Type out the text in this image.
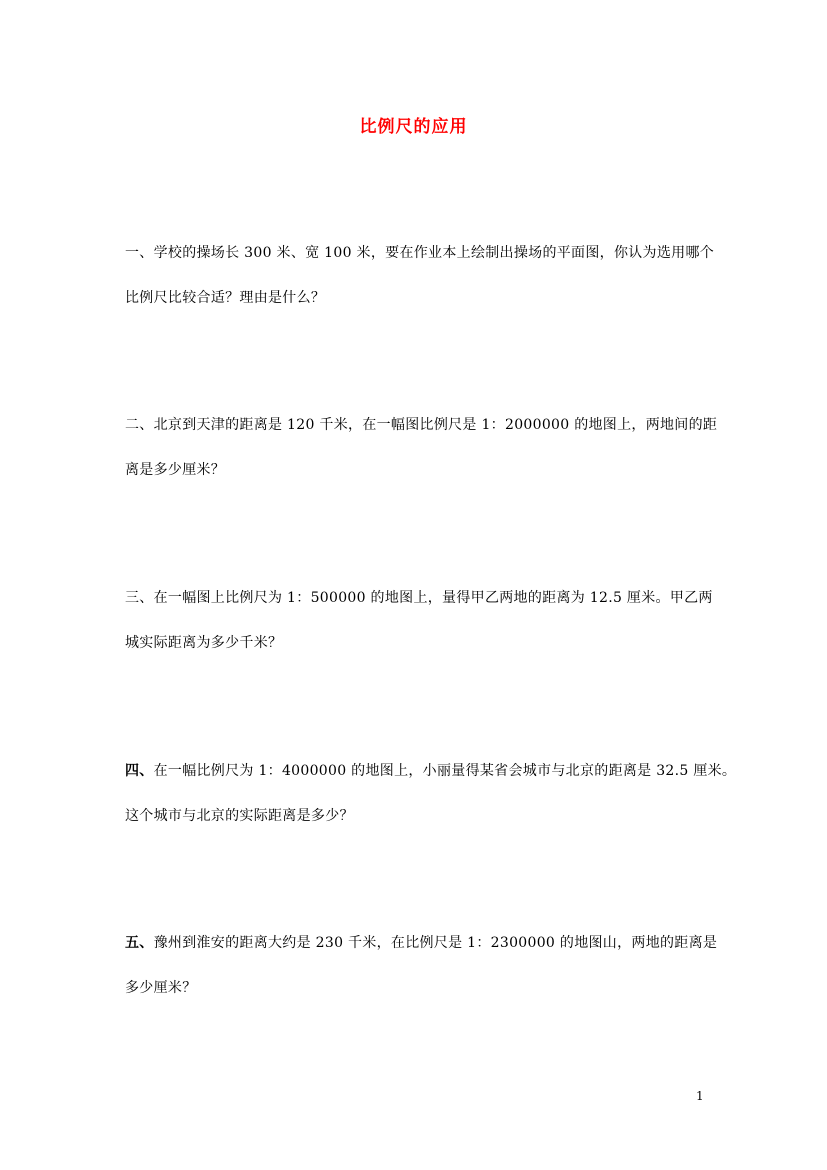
比例尺的应用
一、学校的操场长 300 米、宽 100 米，要在作业本上绘制出操场的平面图，你认为选用哪个
比例尺比较合适？理由是什么？
二、北京到天津的距离是 120 千米，在一幅图比例尺是 1：2000000 的地图上，两地间的距
离是多少厘米？
三、在一幅图上比例尺为 1：500000 的地图上，量得甲乙两地的距离为 12.5 厘米。甲乙两
城实际距离为多少千米？
四、在一幅比例尺为 1：4000000 的地图上，小丽量得某省会城市与北京的距离是 32.5 厘米。
这个城市与北京的实际距离是多少？
五、豫州到淮安的距离大约是 230 千米，在比例尺是 1：2300000 的地图山，两地的距离是
多少厘米？
1
